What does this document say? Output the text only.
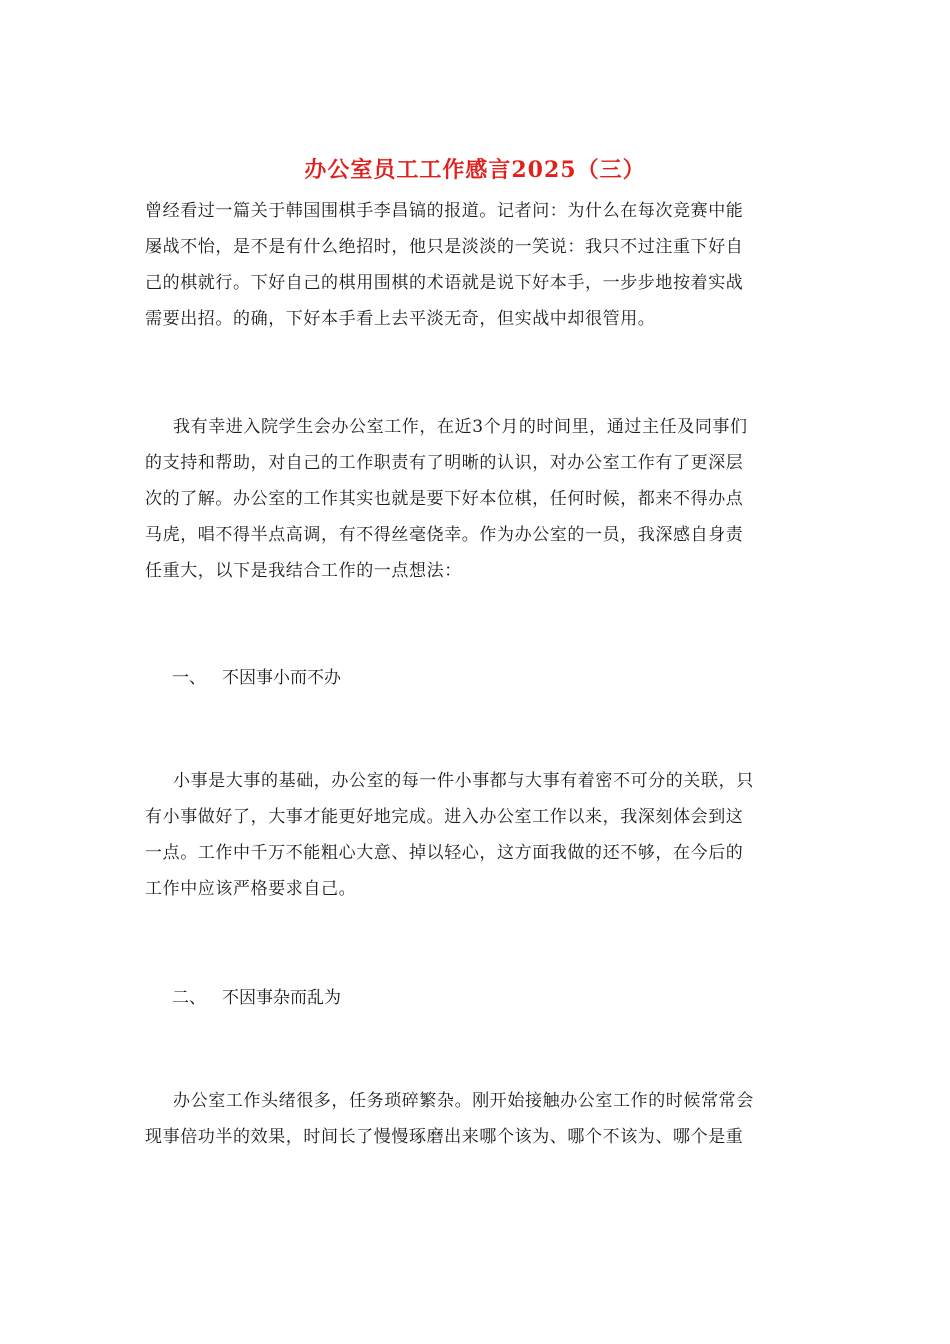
办公室员工工作感言2025（三）
曾经看过一篇关于韩国围棋手李昌镐的报道。记者问：为什么在每次竞赛中能
屡战不怡，是不是有什么绝招时，他只是淡淡的一笑说：我只不过注重下好自
己的棋就行。下好自己的棋用围棋的术语就是说下好本手，一步步地按着实战
需要出招。的确，下好本手看上去平淡无奇，但实战中却很管用。
我有幸进入院学生会办公室工作，在近3个月的时间里，通过主任及同事们
的支持和帮助，对自己的工作职责有了明晰的认识，对办公室工作有了更深层
次的了解。办公室的工作其实也就是要下好本位棋，任何时候，都来不得办点
马虎，唱不得半点高调，有不得丝毫侥幸。作为办公室的一员，我深感自身责
任重大，以下是我结合工作的一点想法：
一、 不因事小而不办
小事是大事的基础，办公室的每一件小事都与大事有着密不可分的关联，只
有小事做好了，大事才能更好地完成。进入办公室工作以来，我深刻体会到这
一点。工作中千万不能粗心大意、掉以轻心，这方面我做的还不够，在今后的
工作中应该严格要求自己。
二、 不因事杂而乱为
办公室工作头绪很多，任务琐碎繁杂。刚开始接触办公室工作的时候常常会
现事倍功半的效果，时间长了慢慢琢磨出来哪个该为、哪个不该为、哪个是重
